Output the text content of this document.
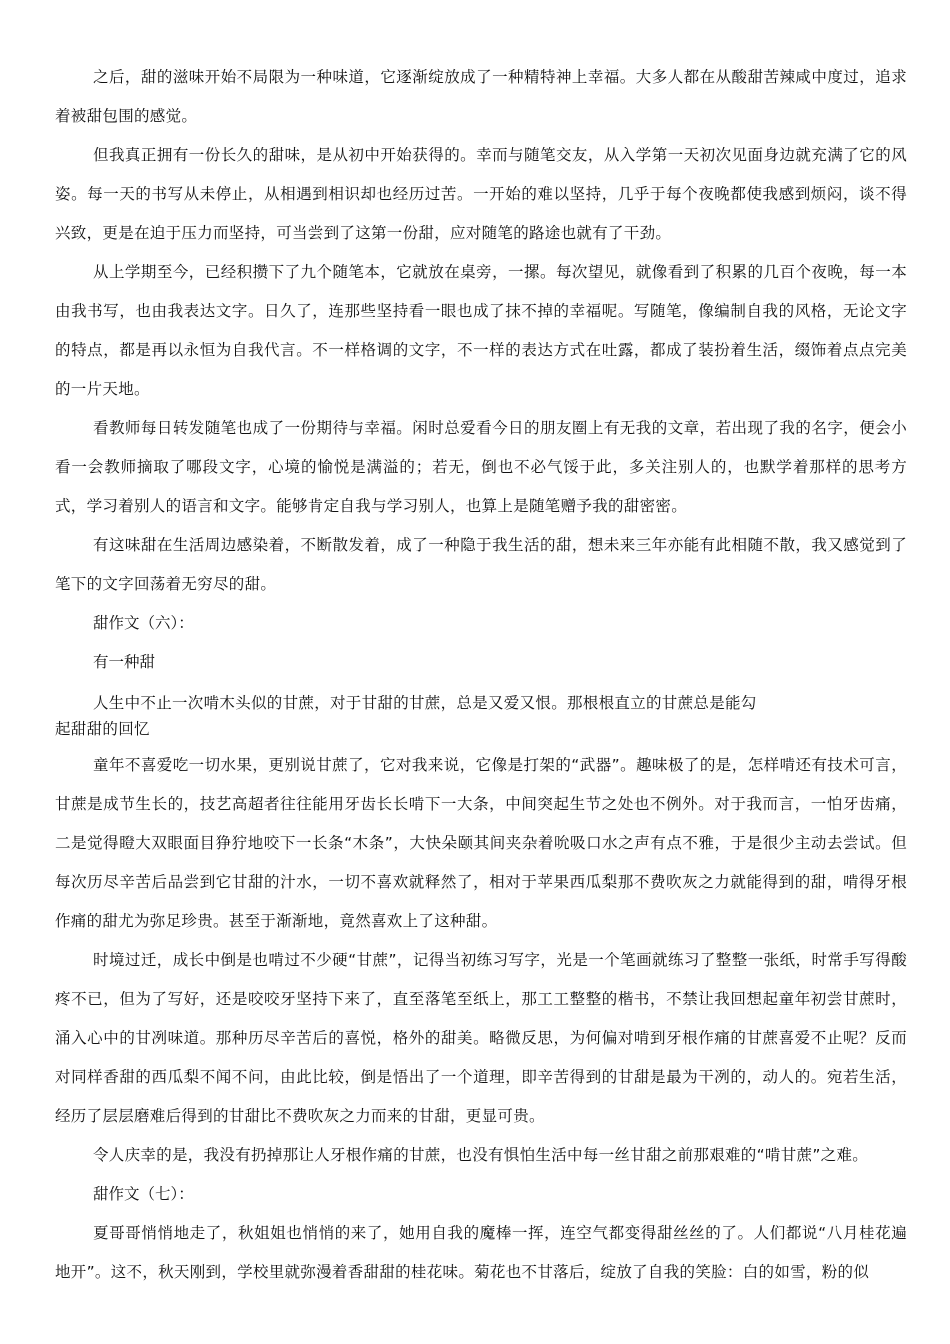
之后，甜的滋味开始不局限为一种味道，它逐渐绽放成了一种精特神上幸福。大多人都在从酸甜苦辣咸中度过，追求着被甜包围的感觉。

但我真正拥有一份长久的甜味，是从初中开始获得的。幸而与随笔交友，从入学第一天初次见面身边就充满了它的风姿。每一天的书写从未停止，从相遇到相识却也经历过苦。一开始的难以坚持，几乎于每个夜晚都使我感到烦闷，谈不得兴致，更是在迫于压力而坚持，可当尝到了这第一份甜，应对随笔的路途也就有了干劲。

从上学期至今，已经积攒下了九个随笔本，它就放在桌旁，一摞。每次望见，就像看到了积累的几百个夜晚，每一本由我书写，也由我表达文字。日久了，连那些坚持看一眼也成了抹不掉的幸福呢。写随笔，像编制自我的风格，无论文字的特点，都是再以永恒为自我代言。不一样格调的文字，不一样的表达方式在吐露，都成了装扮着生活，缀饰着点点完美的一片天地。

看教师每日转发随笔也成了一份期待与幸福。闲时总爱看今日的朋友圈上有无我的文章，若出现了我的名字，便会小看一会教师摘取了哪段文字，心境的愉悦是满溢的；若无，倒也不必气馁于此，多关注别人的，也默学着那样的思考方式，学习着别人的语言和文字。能够肯定自我与学习别人，也算上是随笔赠予我的甜密密。

有这味甜在生活周边感染着，不断散发着，成了一种隐于我生活的甜，想未来三年亦能有此相随不散，我又感觉到了笔下的文字回荡着无穷尽的甜。

甜作文（六）：

有一种甜

人生中不止一次啃木头似的甘蔗，对于甘甜的甘蔗，总是又爱又恨。那根根直立的甘蔗总是能勾

起甜甜的回忆

童年不喜爱吃一切水果，更别说甘蔗了，它对我来说，它像是打架的“武器”。趣味极了的是，怎样啃还有技术可言，甘蔗是成节生长的，技艺高超者往往能用牙齿长长啃下一大条，中间突起生节之处也不例外。对于我而言，一怕牙齿痛，二是觉得瞪大双眼面目狰狞地咬下一长条“木条”，大快朵颐其间夹杂着吮吸口水之声有点不雅，于是很少主动去尝试。但每次历尽辛苦后品尝到它甘甜的汁水，一切不喜欢就释然了，相对于苹果西瓜梨那不费吹灰之力就能得到的甜，啃得牙根作痛的甜尤为弥足珍贵。甚至于渐渐地，竟然喜欢上了这种甜。

时境过迁，成长中倒是也啃过不少硬“甘蔗”，记得当初练习写字，光是一个笔画就练习了整整一张纸，时常手写得酸疼不已，但为了写好，还是咬咬牙坚持下来了，直至落笔至纸上，那工工整整的楷书，不禁让我回想起童年初尝甘蔗时，涌入心中的甘冽味道。那种历尽辛苦后的喜悦，格外的甜美。略微反思，为何偏对啃到牙根作痛的甘蔗喜爱不止呢？反而对同样香甜的西瓜梨不闻不问，由此比较，倒是悟出了一个道理，即辛苦得到的甘甜是最为干冽的，动人的。宛若生活，经历了层层磨难后得到的甘甜比不费吹灰之力而来的甘甜，更显可贵。

令人庆幸的是，我没有扔掉那让人牙根作痛的甘蔗，也没有惧怕生活中每一丝甘甜之前那艰难的“啃甘蔗”之难。

甜作文（七）：

夏哥哥悄悄地走了，秋姐姐也悄悄的来了，她用自我的魔棒一挥，连空气都变得甜丝丝的了。人们都说“八月桂花遍地开”。这不，秋天刚到，学校里就弥漫着香甜甜的桂花味。菊花也不甘落后，绽放了自我的笑脸：白的如雪，粉的似
